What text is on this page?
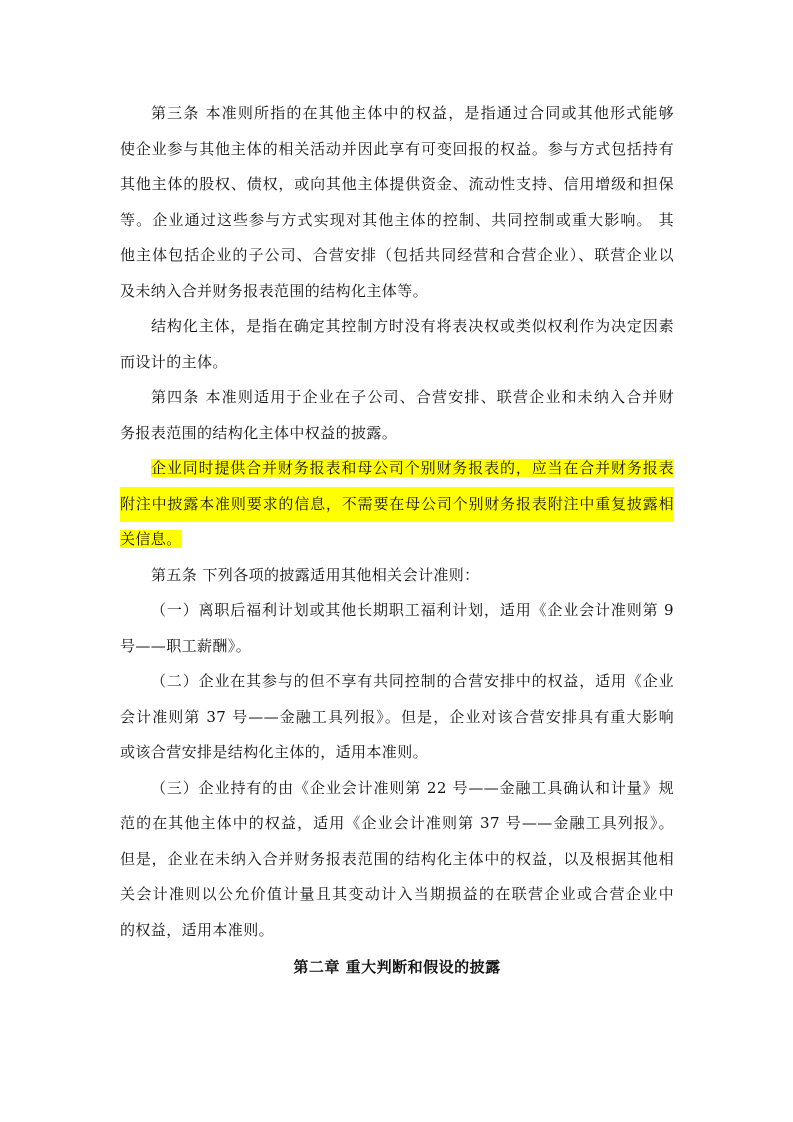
第三条 本准则所指的在其他主体中的权益，是指通过合同或其他形式能够
使企业参与其他主体的相关活动并因此享有可变回报的权益。参与方式包括持有
其他主体的股权、债权，或向其他主体提供资金、流动性支持、信用增级和担保
等。企业通过这些参与方式实现对其他主体的控制、共同控制或重大影响。 其
他主体包括企业的子公司、合营安排（包括共同经营和合营企业）、联营企业以
及未纳入合并财务报表范围的结构化主体等。
结构化主体，是指在确定其控制方时没有将表决权或类似权利作为决定因素
而设计的主体。
第四条 本准则适用于企业在子公司、合营安排、联营企业和未纳入合并财
务报表范围的结构化主体中权益的披露。
企业同时提供合并财务报表和母公司个别财务报表的，应当在合并财务报表
附注中披露本准则要求的信息，不需要在母公司个别财务报表附注中重复披露相
关信息。
第五条 下列各项的披露适用其他相关会计准则：
（一）离职后福利计划或其他长期职工福利计划，适用《企业会计准则第 9
号——职工薪酬》。
（二）企业在其参与的但不享有共同控制的合营安排中的权益，适用《企业
会计准则第 37 号——金融工具列报》。但是，企业对该合营安排具有重大影响
或该合营安排是结构化主体的，适用本准则。
（三）企业持有的由《企业会计准则第 22 号——金融工具确认和计量》规
范的在其他主体中的权益，适用《企业会计准则第 37 号——金融工具列报》。
但是，企业在未纳入合并财务报表范围的结构化主体中的权益，以及根据其他相
关会计准则以公允价值计量且其变动计入当期损益的在联营企业或合营企业中
的权益，适用本准则。
第二章 重大判断和假设的披露
